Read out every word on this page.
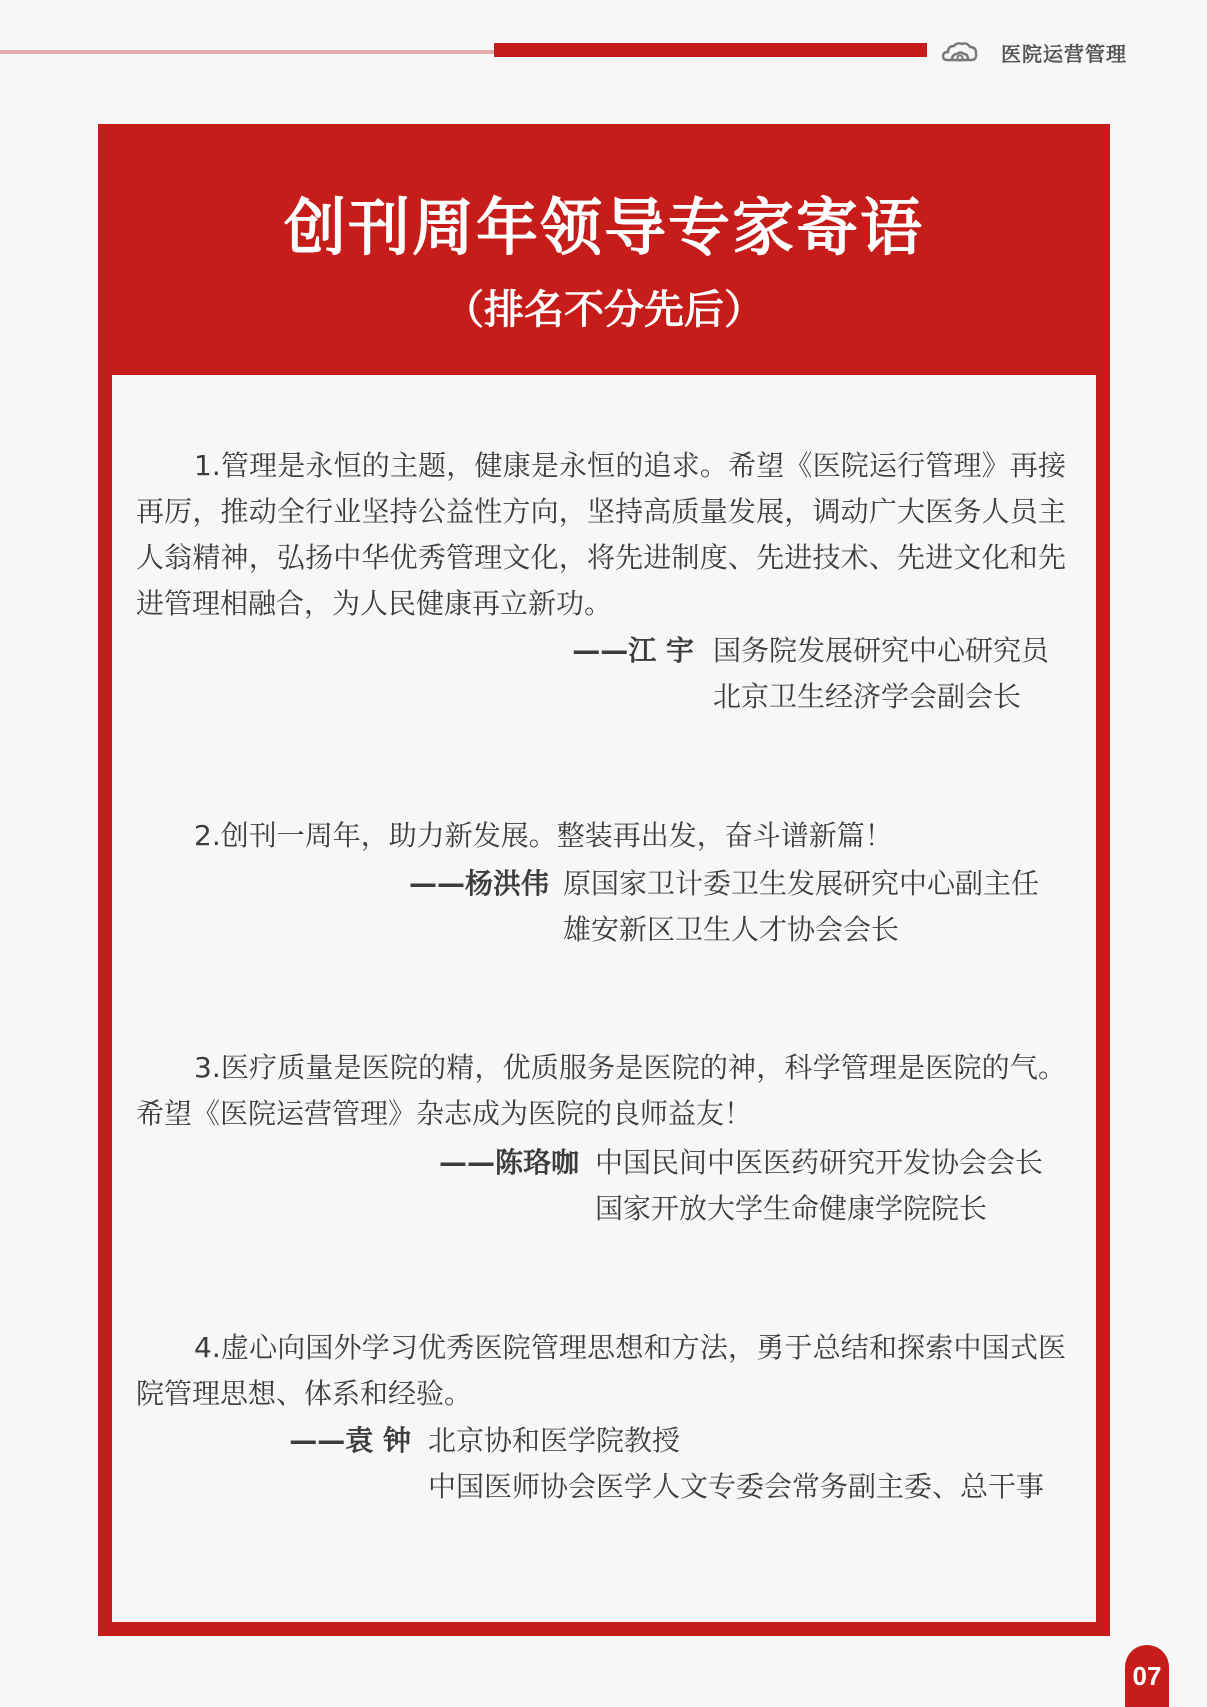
医院运营管理
创刊周年领导专家寄语
（排名不分先后）

1.管理是永恒的主题，健康是永恒的追求。希望《医院运行管理》再接再厉，推动全行业坚持公益性方向，坚持高质量发展，调动广大医务人员主人翁精神，弘扬中华优秀管理文化，将先进制度、先进技术、先进文化和先进管理相融合，为人民健康再立新功。

——江 宇 国务院发展研究中心研究员
北京卫生经济学会副会长

2.创刊一周年，助力新发展。整装再出发，奋斗谱新篇！

——杨洪伟 原国家卫计委卫生发展研究中心副主任
雄安新区卫生人才协会会长

3.医疗质量是医院的精，优质服务是医院的神，科学管理是医院的气。希望《医院运营管理》杂志成为医院的良师益友！

——陈珞咖 中国民间中医医药研究开发协会会长
国家开放大学生命健康学院院长

4.虚心向国外学习优秀医院管理思想和方法，勇于总结和探索中国式医院管理思想、体系和经验。

——袁 钟 北京协和医学院教授
中国医师协会医学人文专委会常务副主委、总干事
07
